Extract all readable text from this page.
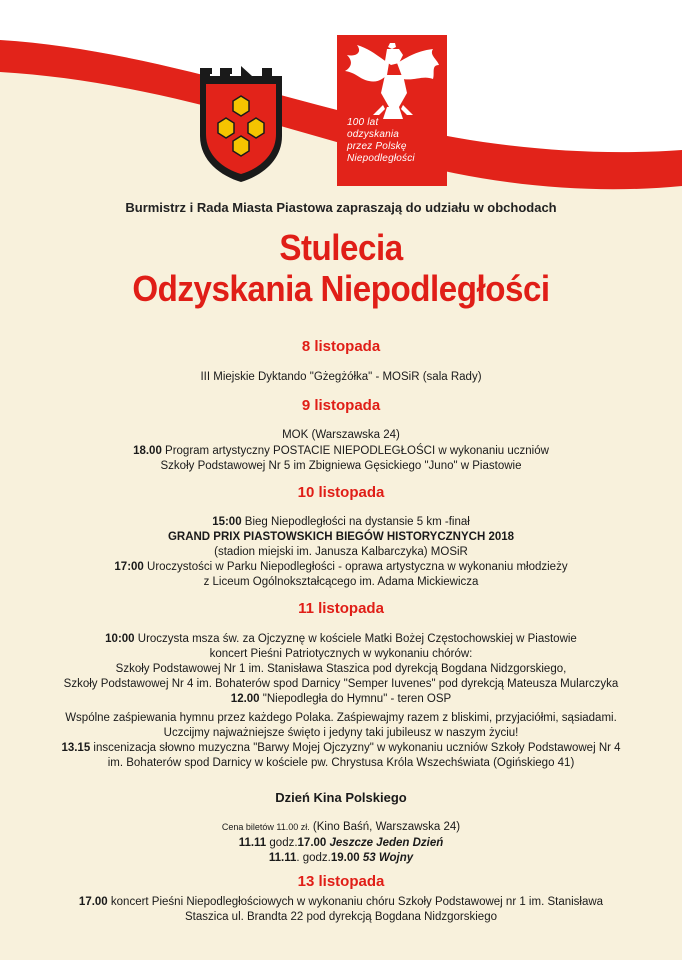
100 lat
odzyskania
przez Polskę
Niepodległości
Burmistrz i Rada Miasta Piastowa zapraszają do udziału w obchodach
Stulecia
Odzyskania Niepodległości
8 listopada
III Miejskie Dyktando "Gżegżółka" - MOSiR (sala Rady)
9 listopada
MOK (Warszawska 24)
18.00 Program artystyczny POSTACIE NIEPODLEGŁOŚCI w wykonaniu uczniów
Szkoły Podstawowej Nr 5 im Zbigniewa Gęsickiego "Juno" w Piastowie
10 listopada
15:00 Bieg Niepodległości na dystansie 5 km -finał
GRAND PRIX PIASTOWSKICH BIEGÓW HISTORYCZNYCH 2018
(stadion miejski im. Janusza Kalbarczyka) MOSiR
17:00 Uroczystości w Parku Niepodległości - oprawa artystyczna w wykonaniu młodzieży
z Liceum Ogólnokształcącego im. Adama Mickiewicza
11 listopada
10:00 Uroczysta msza św. za Ojczyznę w kościele Matki Bożej Częstochowskiej w Piastowie
koncert Pieśni Patriotycznych w wykonaniu chórów:
Szkoły Podstawowej Nr 1 im. Stanisława Staszica pod dyrekcją Bogdana Nidzgorskiego,
Szkoły Podstawowej Nr 4 im. Bohaterów spod Darnicy "Semper Iuvenes" pod dyrekcją Mateusza Mularczyka
12.00 "Niepodległa do Hymnu" - teren OSP
Wspólne zaśpiewania hymnu przez każdego Polaka. Zaśpiewajmy razem z bliskimi, przyjaciółmi, sąsiadami.
Uczcijmy najważniejsze święto i jedyny taki jubileusz w naszym życiu!
13.15 inscenizacja słowno muzyczna "Barwy Mojej Ojczyzny" w wykonaniu uczniów Szkoły Podstawowej Nr 4
im. Bohaterów spod Darnicy w kościele pw. Chrystusa Króla Wszechświata (Ogińskiego 41)
Dzień Kina Polskiego
Cena biletów 11.00 zł. (Kino Baśń, Warszawska 24)
11.11 godz.17.00 Jeszcze Jeden Dzień
11.11. godz.19.00 53 Wojny
13 listopada
17.00 koncert Pieśni Niepodległościowych w wykonaniu chóru Szkoły Podstawowej nr 1 im. Stanisława
Staszica ul. Brandta 22 pod dyrekcją Bogdana Nidzgorskiego
